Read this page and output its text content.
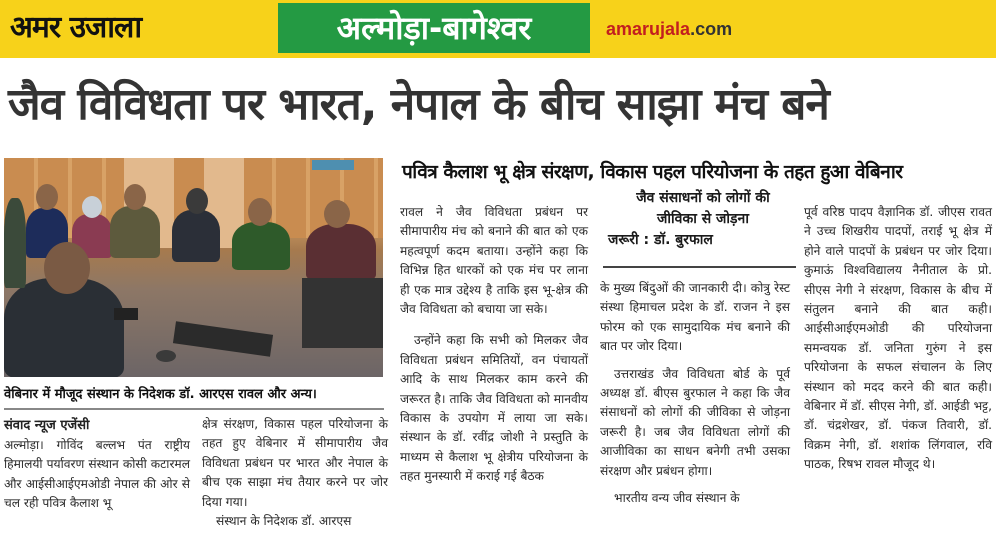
अमर उजाला	अल्मोड़ा-बागेश्वर	amarujala.com
जैव विविधता पर भारत, नेपाल के बीच साझा मंच बने
वेबिनार में मौजूद संस्थान के निदेशक डॉ. आरएस रावल और अन्य।
संवाद न्यूज एजेंसी
पवित्र कैलाश भू क्षेत्र संरक्षण, विकास पहल परियोजना के तहत हुआ वेबिनार

अल्मोड़ा। गोविंद बल्लभ पंत राष्ट्रीय हिमालयी पर्यावरण संस्थान कोसी कटारमल और आईसीआईएमओडी नेपाल की ओर से चल रही पवित्र कैलाश भू

क्षेत्र संरक्षण, विकास पहल परियोजना के तहत हुए वेबिनार में सीमापारीय जैव विविधता प्रबंधन पर भारत और नेपाल के बीच एक साझा मंच तैयार करने पर जोर दिया गया।

संस्थान के निदेशक डॉ. आरएस

रावल ने जैव विविधता प्रबंधन पर सीमापारीय मंच को बनाने की बात को एक महत्वपूर्ण कदम बताया। उन्होंने कहा कि विभिन्न हित धारकों को एक मंच पर लाना ही एक मात्र उद्देश्य है ताकि इस भू-क्षेत्र की जैव विविधता को बचाया जा सके।

उन्होंने कहा कि सभी को मिलकर जैव विविधता प्रबंधन समितियों, वन पंचायतों आदि के साथ मिलकर काम करने की जरूरत है। ताकि जैव विविधता को मानवीय विकास के उपयोग में लाया जा सके। संस्थान के डॉ. रवींद्र जोशी ने प्रस्तुति के माध्यम से कैलाश भू क्षेत्रीय परियोजना के तहत मुनस्यारी में कराई गई बैठक

जैव संसाधनों को लोगों की
जीविका से जोड़ना
जरूरी : डॉ. बुरफाल

के मुख्य बिंदुओं की जानकारी दी। कोत्रु रेस्ट संस्था हिमाचल प्रदेश के डॉ. राजन ने इस फोरम को एक सामुदायिक मंच बनाने की बात पर जोर दिया।

उत्तराखंड जैव विविधता बोर्ड के पूर्व अध्यक्ष डॉ. बीएस बुरफाल ने कहा कि जैव संसाधनों को लोगों की जीविका से जोड़ना जरूरी है। जब जैव विविधता लोगों की आजीविका का साधन बनेगी तभी उसका संरक्षण और प्रबंधन होगा।

भारतीय वन्य जीव संस्थान के

पूर्व वरिष्ठ पादप वैज्ञानिक डॉ. जीएस रावत ने उच्च शिखरीय पादपों, तराई भू क्षेत्र में होने वाले पादपों के प्रबंधन पर जोर दिया। कुमाऊं विश्वविद्यालय नैनीताल के प्रो. सीएस नेगी ने संरक्षण, विकास के बीच में संतुलन बनाने की बात कही। आईसीआईएमओडी की परियोजना समन्वयक डॉ. जनिता गुरुंग ने इस परियोजना के सफल संचालन के लिए संस्थान को मदद करने की बात कही। वेबिनार में डॉ. सीएस नेगी, डॉ. आईडी भट्ट, डॉ. चंद्रशेखर, डॉ. पंकज तिवारी, डॉ. विक्रम नेगी, डॉ. शशांक लिंगवाल, रवि पाठक, रिषभ रावल मौजूद थे।
